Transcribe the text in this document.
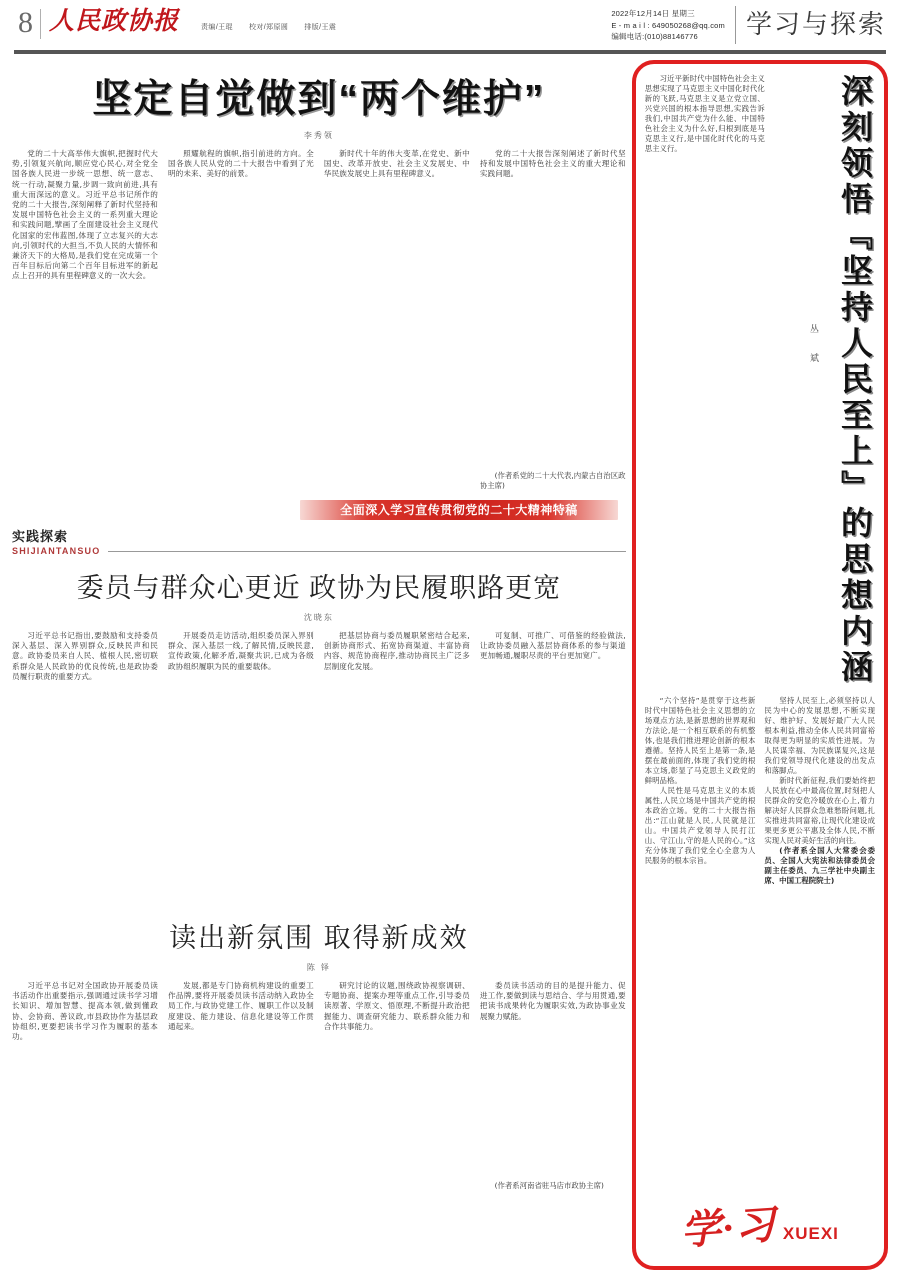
8 人民政协报	责编/王琨 校对/郑原圆 排版/王震
2022年12月14日 星期三
E - m a i l : 649050268@qq.com
编辑电话:(010)88146776	学习与探索
坚定自觉做到“两个维护”
李秀领

党的二十大高举伟大旗帜,把握时代大势,引领复兴航向,顺应党心民心,对全党全国各族人民进一步统一思想、统一意志、统一行动,凝聚力量,步调一致向前进,具有重大而深远的意义。习近平总书记所作的党的二十大报告,深刻阐释了新时代坚持和发展中国特色社会主义的一系列重大理论和实践问题,擘画了全面建设社会主义现代化国家的宏伟蓝图,体现了立志复兴的大志向,引领时代的大担当,不负人民的大情怀和兼济天下的大格局,是我们党在完成第一个百年目标后向第二个百年目标进军的新起点上召开的具有里程碑意义的一次大会。

照耀航程的旗帜,指引前进的方向。全国各族人民从党的二十大报告中看到了光明的未来、美好的前景。

新时代十年的伟大变革,在党史、新中国史、改革开放史、社会主义发展史、中华民族发展史上具有里程碑意义。

党的二十大报告深刻阐述了新时代坚持和发展中国特色社会主义的重大理论和实践问题。

(作者系党的二十大代表,内蒙古自治区政协主席)

全面深入学习宣传贯彻党的二十大精神特稿
实践探索
SHIJIANTANSUO
委员与群众心更近 政协为民履职路更宽
沈晓东

习近平总书记指出,要鼓励和支持委员深入基层、深入界别群众,反映民声和民意。政协委员来自人民、植根人民,密切联系群众是人民政协的优良传统,也是政协委员履行职责的重要方式。

开展委员走访活动,组织委员深入界别群众、深入基层一线,了解民情,反映民意,宣传政策,化解矛盾,凝聚共识,已成为各级政协组织履职为民的重要载体。

把基层协商与委员履职紧密结合起来,创新协商形式、拓宽协商渠道、丰富协商内容、规范协商程序,推动协商民主广泛多层制度化发展。

可复制、可推广、可借鉴的经验做法,让政协委员融入基层协商体系的参与渠道更加畅通,履职尽责的平台更加宽广。

读出新氛围 取得新成效
陈 铎

习近平总书记对全国政协开展委员读书活动作出重要指示,强调通过读书学习增长知识、增加智慧、提高本领,做到懂政协、会协商、善议政,市县政协作为基层政协组织,更要把读书学习作为履职的基本功。

发展,都是专门协商机构建设的重要工作品牌,要将开展委员读书活动纳入政协全局工作,与政协党建工作、履职工作以及制度建设、能力建设、信息化建设等工作贯通起来。

研究讨论的议题,围绕政协视察调研、专题协商、提案办理等重点工作,引导委员读原著、学原文、悟原理,不断提升政治把握能力、调查研究能力、联系群众能力和合作共事能力。

委员读书活动的目的是提升能力、促进工作,要做到读与思结合、学与用贯通,要把读书成果转化为履职实效,为政协事业发展聚力赋能。

(作者系河南省驻马店市政协主席)

深刻领悟『坚持人民至上』的思想内涵
丛 斌

习近平新时代中国特色社会主义思想实现了马克思主义中国化时代化新的飞跃,马克思主义是立党立国、兴党兴国的根本指导思想,实践告诉我们,中国共产党为什么能、中国特色社会主义为什么好,归根到底是马克思主义行,是中国化时代化的马克思主义行。

“六个坚持”是贯穿于这些新时代中国特色社会主义思想的立场观点方法,是新思想的世界观和方法论,是一个相互联系的有机整体,也是我们推进理论创新的根本遵循。坚持人民至上是第一条,是摆在最前面的,体现了我们党的根本立场,彰显了马克思主义政党的鲜明品格。

人民性是马克思主义的本质属性,人民立场是中国共产党的根本政治立场。党的二十大报告指出:“江山就是人民,人民就是江山。中国共产党领导人民打江山、守江山,守的是人民的心。”这充分体现了我们党全心全意为人民服务的根本宗旨。

坚持人民至上,必须坚持以人民为中心的发展思想,不断实现好、维护好、发展好最广大人民根本利益,推动全体人民共同富裕取得更为明显的实质性进展。为人民谋幸福、为民族谋复兴,这是我们党领导现代化建设的出发点和落脚点。

新时代新征程,我们要始终把人民放在心中最高位置,时刻把人民群众的安危冷暖放在心上,着力解决好人民群众急难愁盼问题,扎实推进共同富裕,让现代化建设成果更多更公平惠及全体人民,不断实现人民对美好生活的向往。

(作者系全国人大常委会委员、全国人大宪法和法律委员会副主任委员、九三学社中央副主席、中国工程院院士)

学·习 XUEXI
